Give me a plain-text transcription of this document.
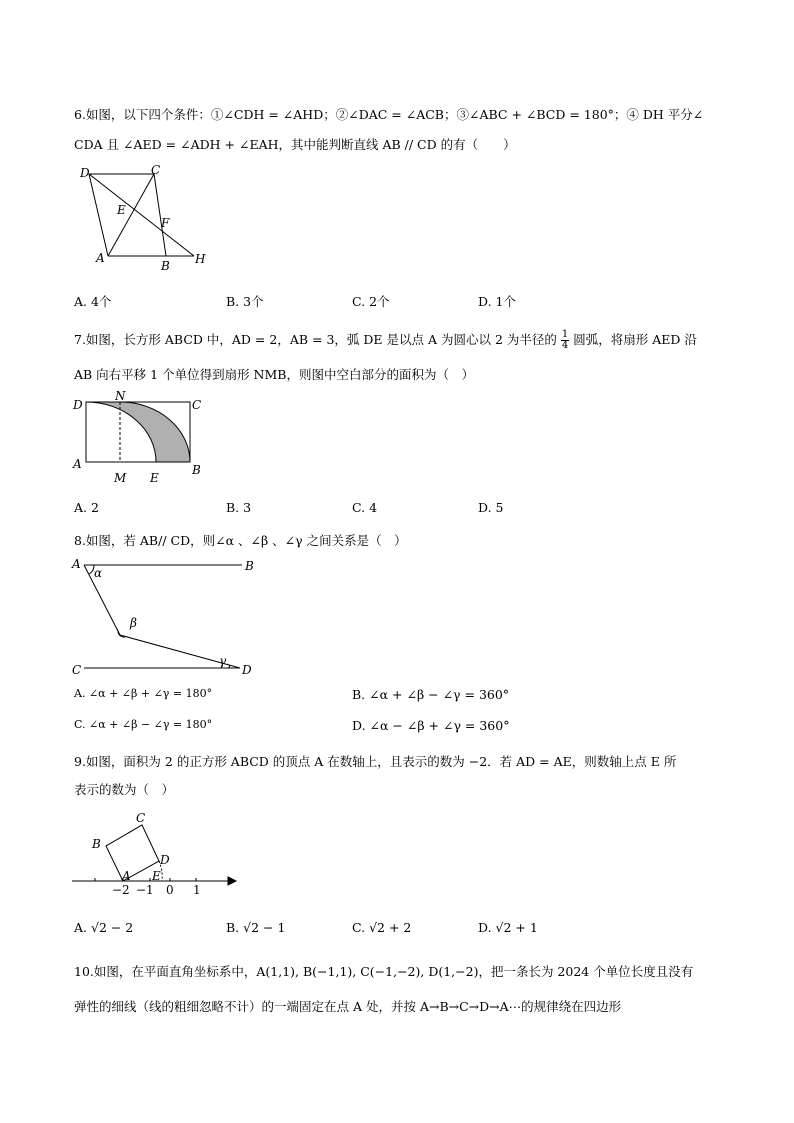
6.如图，以下四个条件：①∠CDH = ∠AHD；②∠DAC = ∠ACB；③∠ABC + ∠BCD = 180°；④ DH 平分∠
CDA 且 ∠AED = ∠ADH + ∠EAH，其中能判断直线 AB // CD 的有（　　）
D	C
E
F
A
B H
A. 4个	B. 3个	C. 2个	D. 1个
7.如图，长方形 ABCD 中，AD = 2，AB = 3，弧 DE 是以点 A 为圆心以 2 为半径的 $\frac{1}{4}$ 圆弧，将扇形 AED 沿
AB 向右平移 1 个单位得到扇形 NMB，则图中空白部分的面积为（　）
D
N
C
A
M E
B
A. 2	B. 3	C. 4	D. 5
8.如图，若 AB// CD，则∠α 、∠β 、∠γ 之间关系是（　）
A	B
α
β
γ
C	D
A. ∠α + ∠β + ∠γ = 180°	B. ∠α + ∠β − ∠γ = 360°
C. ∠α + ∠β − ∠γ = 180°	D. ∠α − ∠β + ∠γ = 360°
9.如图，面积为 2 的正方形 ABCD 的顶点 A 在数轴上，且表示的数为 −2．若 AD = AE，则数轴上点 E 所
表示的数为（　）
C
B
D
A E
−2 −1 0 1
A. √2 − 2	B. √2 − 1	C. √2 + 2	D. √2 + 1
10.如图，在平面直角坐标系中，A(1,1), B(−1,1), C(−1,−2), D(1,−2)，把一条长为 2024 个单位长度且没有
弹性的细线（线的粗细忽略不计）的一端固定在点 A 处，并按 A→B→C→D→A⋯的规律绕在四边形
